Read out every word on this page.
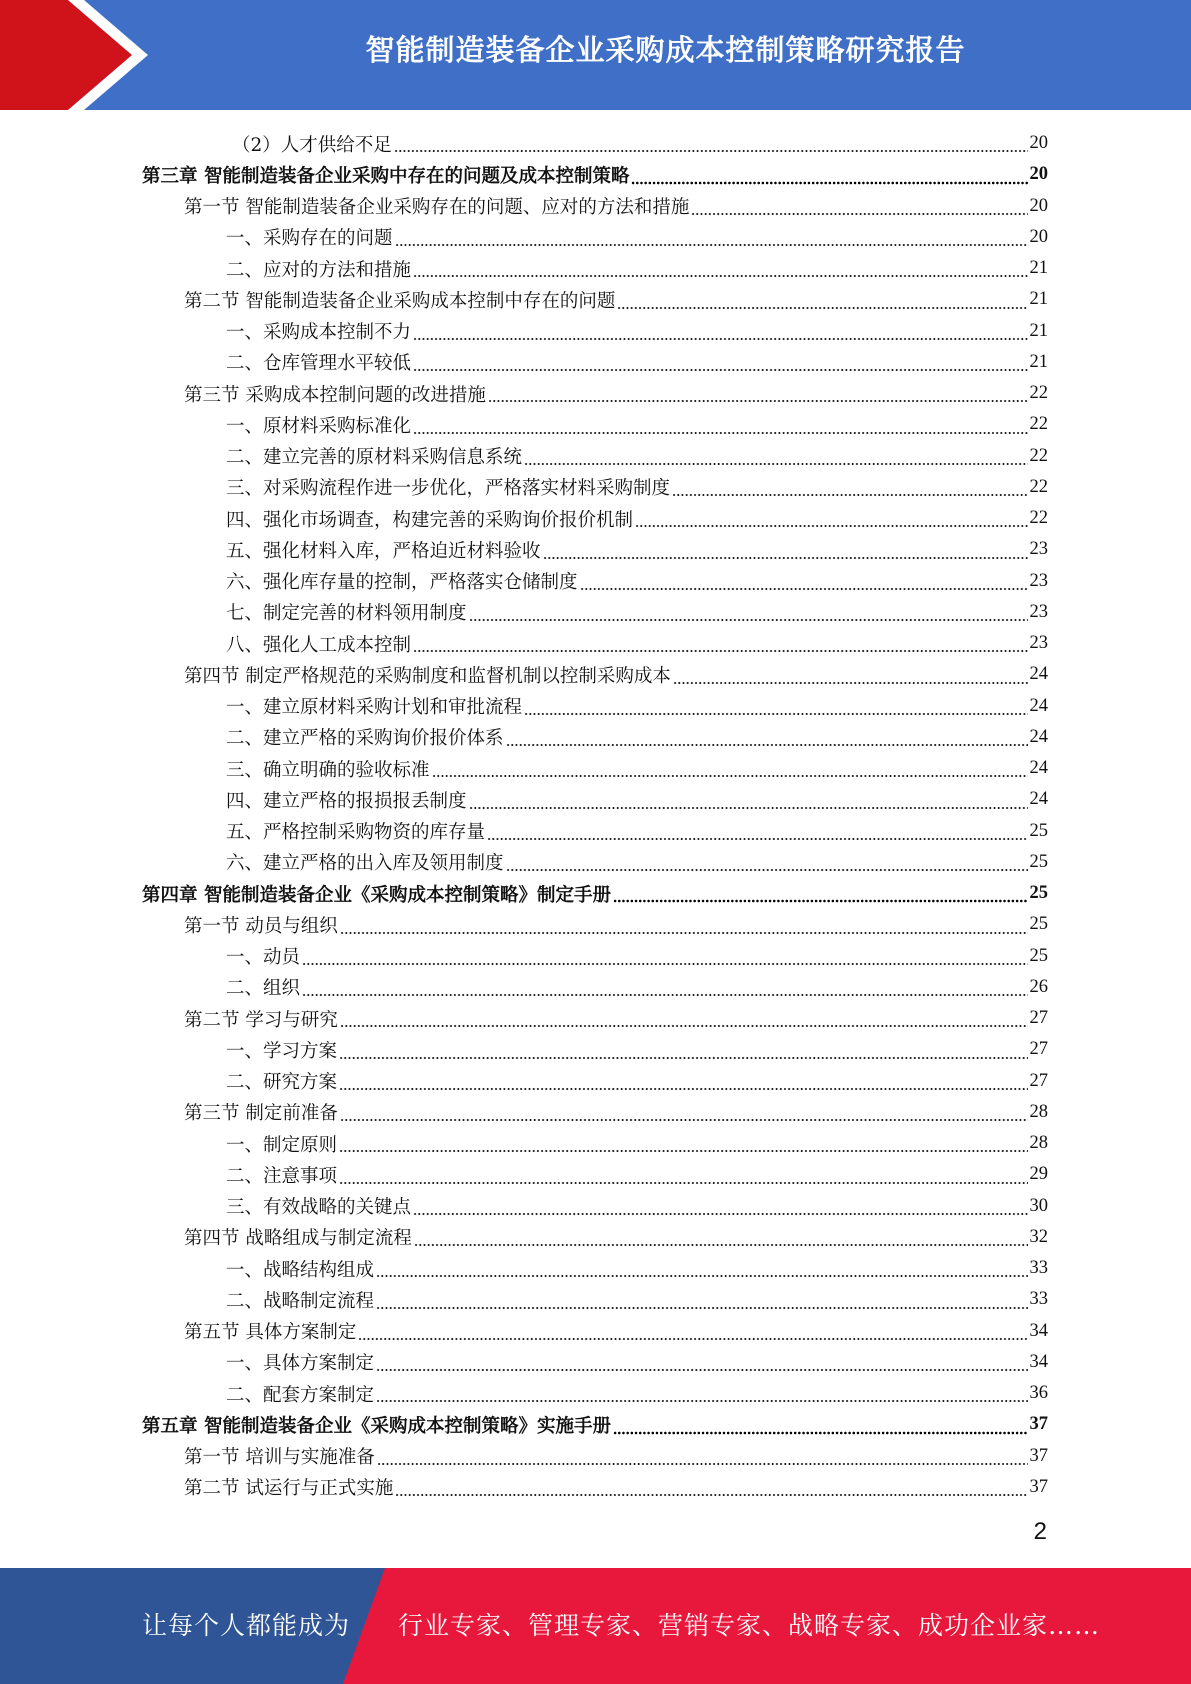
智能制造装备企业采购成本控制策略研究报告
（2）人才供给不足	20
第三章 智能制造装备企业采购中存在的问题及成本控制策略	20
第一节 智能制造装备企业采购存在的问题、应对的方法和措施	20
一、采购存在的问题	20
二、应对的方法和措施	21
第二节 智能制造装备企业采购成本控制中存在的问题	21
一、采购成本控制不力	21
二、仓库管理水平较低	21
第三节 采购成本控制问题的改进措施	22
一、原材料采购标准化	22
二、建立完善的原材料采购信息系统	22
三、对采购流程作进一步优化，严格落实材料采购制度	22
四、强化市场调查，构建完善的采购询价报价机制	22
五、强化材料入库，严格迫近材料验收	23
六、强化库存量的控制，严格落实仓储制度	23
七、制定完善的材料领用制度	23
八、强化人工成本控制	23
第四节 制定严格规范的采购制度和监督机制以控制采购成本	24
一、建立原材料采购计划和审批流程	24
二、建立严格的采购询价报价体系	24
三、确立明确的验收标准	24
四、建立严格的报损报丢制度	24
五、严格控制采购物资的库存量	25
六、建立严格的出入库及领用制度	25
第四章 智能制造装备企业《采购成本控制策略》制定手册	25
第一节 动员与组织	25
一、动员	25
二、组织	26
第二节 学习与研究	27
一、学习方案	27
二、研究方案	27
第三节 制定前准备	28
一、制定原则	28
二、注意事项	29
三、有效战略的关键点	30
第四节 战略组成与制定流程	32
一、战略结构组成	33
二、战略制定流程	33
第五节 具体方案制定	34
一、具体方案制定	34
二、配套方案制定	36
第五章 智能制造装备企业《采购成本控制策略》实施手册	37
第一节 培训与实施准备	37
第二节 试运行与正式实施	37
2
让每个人都能成为 行业专家、管理专家、营销专家、战略专家、成功企业家……
